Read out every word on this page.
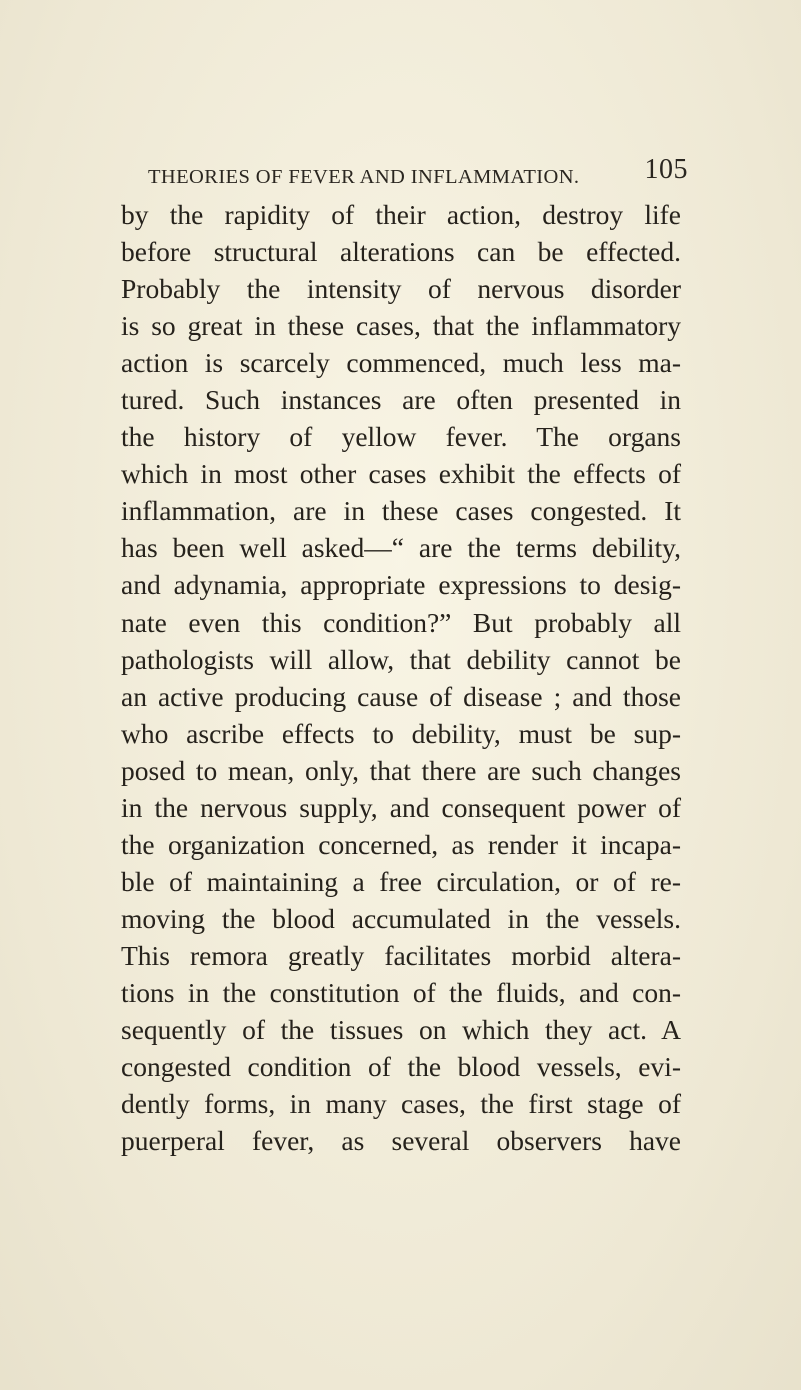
THEORIES OF FEVER AND INFLAMMATION. 105
by the rapidity of their action, destroy life
before structural alterations can be effected.
Probably the intensity of nervous disorder
is so great in these cases, that the inflammatory
action is scarcely commenced, much less ma-
tured. Such instances are often presented in
the history of yellow fever. The organs
which in most other cases exhibit the effects of
inflammation, are in these cases congested. It
has been well asked—“ are the terms debility,
and adynamia, appropriate expressions to desig-
nate even this condition?” But probably all
pathologists will allow, that debility cannot be
an active producing cause of disease ; and those
who ascribe effects to debility, must be sup-
posed to mean, only, that there are such changes
in the nervous supply, and consequent power of
the organization concerned, as render it incapa-
ble of maintaining a free circulation, or of re-
moving the blood accumulated in the vessels.
This remora greatly facilitates morbid altera-
tions in the constitution of the fluids, and con-
sequently of the tissues on which they act. A
congested condition of the blood vessels, evi-
dently forms, in many cases, the first stage of
puerperal fever, as several observers have
